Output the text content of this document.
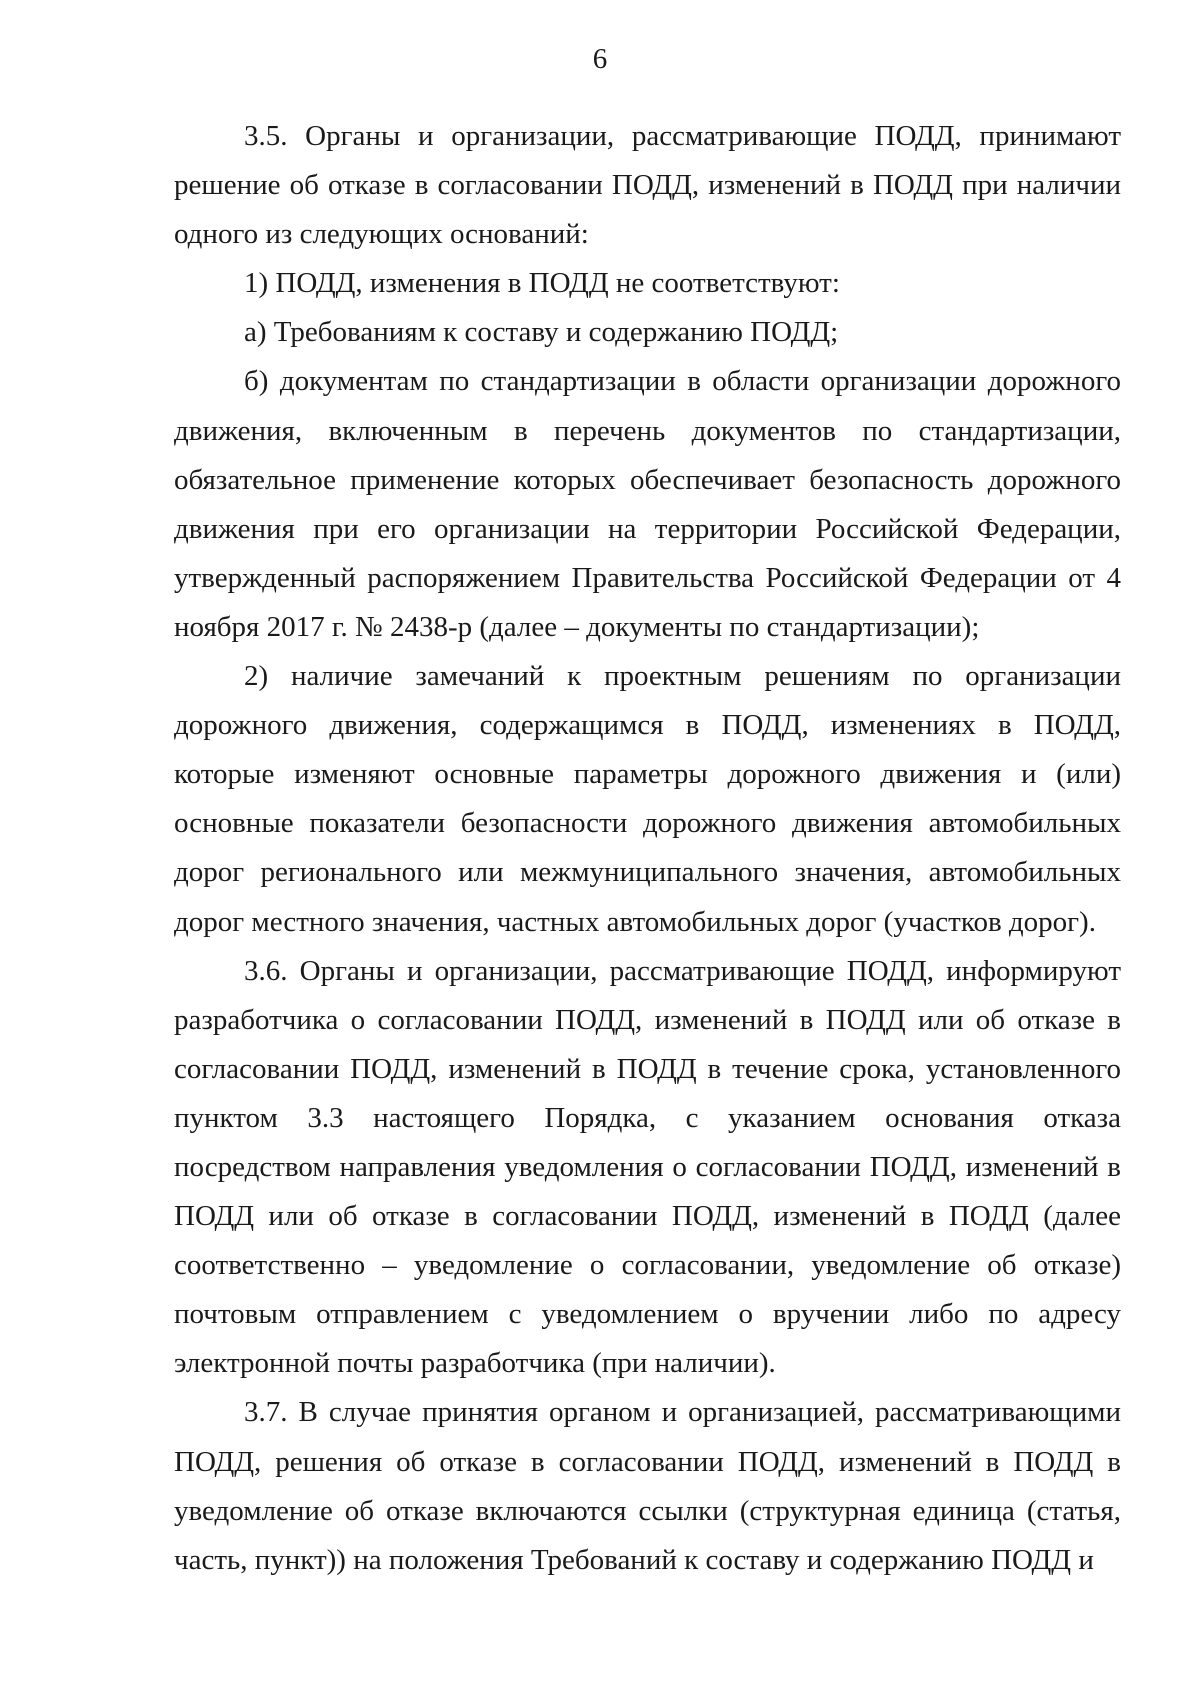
6

3.5. Органы и организации, рассматривающие ПОДД, принимают решение об отказе в согласовании ПОДД, изменений в ПОДД при наличии одного из следующих оснований:

1) ПОДД, изменения в ПОДД не соответствуют:

а) Требованиям к составу и содержанию ПОДД;

б) документам по стандартизации в области организации дорожного движения, включенным в перечень документов по стандартизации, обязательное применение которых обеспечивает безопасность дорожного движения при его организации на территории Российской Федерации, утвержденный распоряжением Правительства Российской Федерации от 4 ноября 2017 г. № 2438-р (далее – документы по стандартизации);

2) наличие замечаний к проектным решениям по организации дорожного движения, содержащимся в ПОДД, изменениях в ПОДД, которые изменяют основные параметры дорожного движения и (или) основные показатели безопасности дорожного движения автомобильных дорог регионального или межмуниципального значения, автомобильных дорог местного значения, частных автомобильных дорог (участков дорог).

3.6. Органы и организации, рассматривающие ПОДД, информируют разработчика о согласовании ПОДД, изменений в ПОДД или об отказе в согласовании ПОДД, изменений в ПОДД в течение срока, установленного пунктом 3.3 настоящего Порядка, с указанием основания отказа посредством направления уведомления о согласовании ПОДД, изменений в ПОДД или об отказе в согласовании ПОДД, изменений в ПОДД (далее соответственно – уведомление о согласовании, уведомление об отказе) почтовым отправлением с уведомлением о вручении либо по адресу электронной почты разработчика (при наличии).

3.7. В случае принятия органом и организацией, рассматривающими ПОДД, решения об отказе в согласовании ПОДД, изменений в ПОДД в уведомление об отказе включаются ссылки (структурная единица (статья, часть, пункт)) на положения Требований к составу и содержанию ПОДД и
